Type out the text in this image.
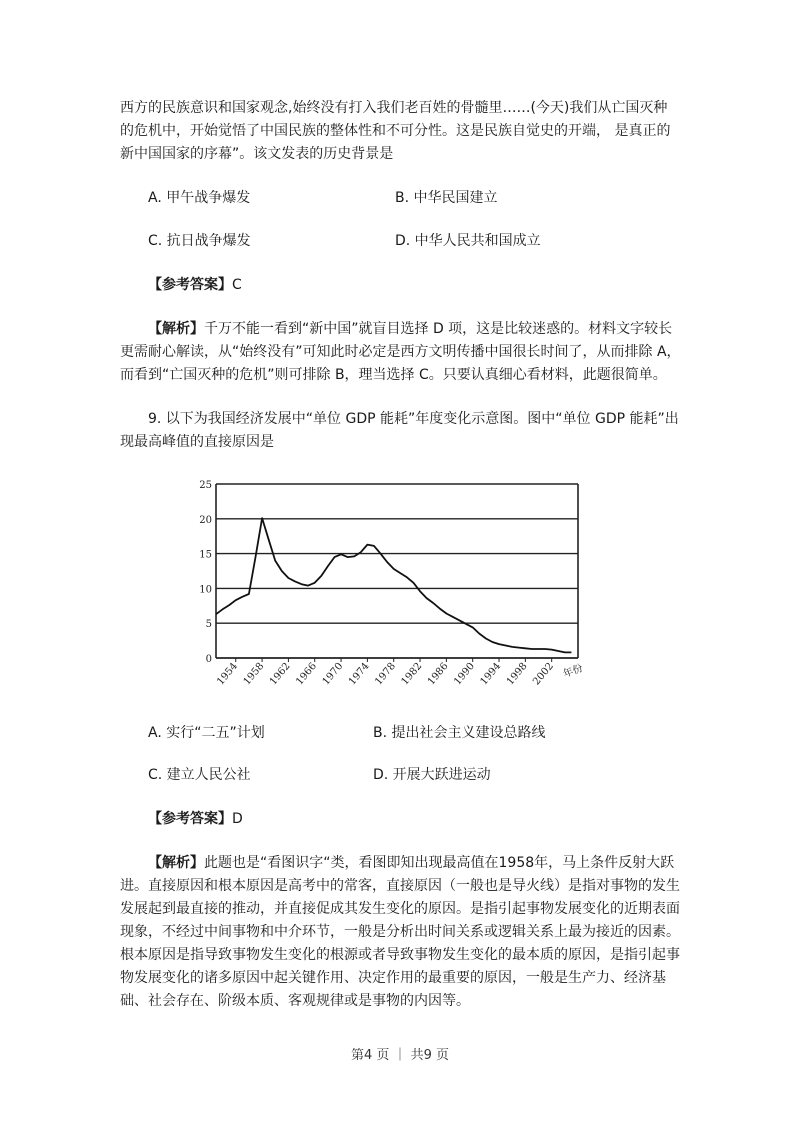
西方的民族意识和国家观念,始终没有打入我们老百姓的骨髓里……(今天)我们从亡国灭种

的危机中，开始觉悟了中国民族的整体性和不可分性。这是民族自觉史的开端， 是真正的

新中国国家的序幕”。该文发表的历史背景是

A. 甲午战争爆发	B. 中华民国建立
C. 抗日战争爆发	D. 中华人民共和国成立
【参考答案】C

【解析】千万不能一看到“新中国”就盲目选择 D 项，这是比较迷惑的。材料文字较长更需耐心解读，从“始终没有”可知此时必定是西方文明传播中国很长时间了，从而排除 A，而看到“亡国灭种的危机”则可排除 B，理当选择 C。只要认真细心看材料，此题很简单。

9. 以下为我国经济发展中“单位 GDP 能耗”年度变化示意图。图中“单位 GDP 能耗”出现最高峰值的直接原因是

0
5
10
15
20
25
1954 1958 1962 1966 1970 1974 1978 1982 1986 1990 1994 1998 2002 年份
A. 实行“二五”计划	B. 提出社会主义建设总路线
C. 建立人民公社	D. 开展大跃进运动
【参考答案】D

【解析】此题也是“看图识字“类，看图即知出现最高值在1958年，马上条件反射大跃进。直接原因和根本原因是高考中的常客，直接原因（一般也是导火线）是指对事物的发生发展起到最直接的推动，并直接促成其发生变化的原因。是指引起事物发展变化的近期表面现象，不经过中间事物和中介环节，一般是分析出时间关系或逻辑关系上最为接近的因素。根本原因是指导致事物发生变化的根源或者导致事物发生变化的最本质的原因，是指引起事物发展变化的诸多原因中起关键作用、决定作用的最重要的原因，一般是生产力、经济基础、社会存在、阶级本质、客观规律或是事物的内因等。

第4 页 ｜ 共9 页
